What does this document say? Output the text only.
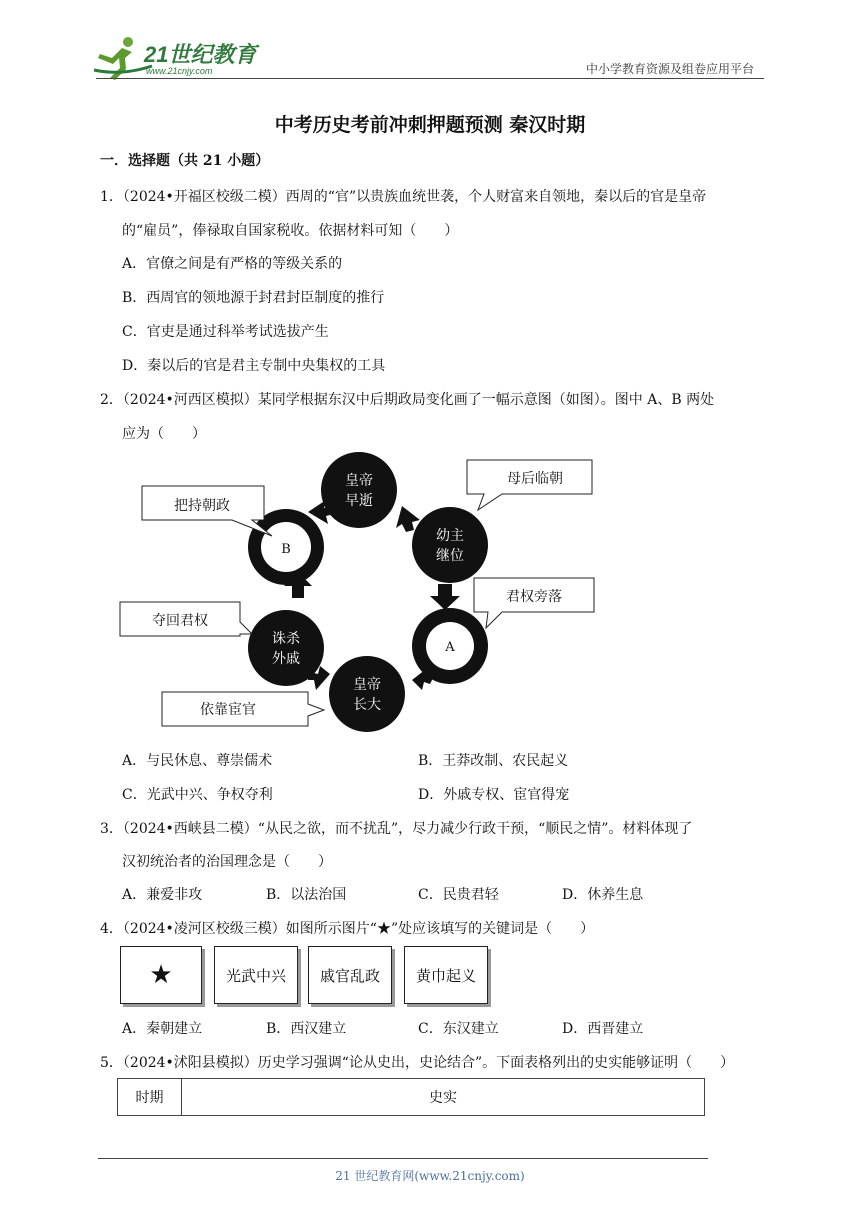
21世纪教育
www.21cnjy.com	中小学教育资源及组卷应用平台
中考历史考前冲刺押题预测 秦汉时期
一．选择题（共 21 小题）
1．（2024•开福区校级二模）西周的“官”以贵族血统世袭，个人财富来自领地，秦以后的官是皇帝
的“雇员”，俸禄取自国家税收。依据材料可知（　　）
A．官僚之间是有严格的等级关系的
B．西周官的领地源于封君封臣制度的推行
C．官吏是通过科举考试选拔产生
D．秦以后的官是君主专制中央集权的工具
2．（2024•河西区模拟）某同学根据东汉中后期政局变化画了一幅示意图（如图）。图中 A、B 两处
应为（　　）
皇帝
早逝
幼主
继位
A
皇帝
长大
诛杀
外戚
B
把持朝政
母后临朝
君权旁落
夺回君权
依靠宦官
A．与民休息、尊崇儒术	B．王莽改制、农民起义
C．光武中兴、争权夺利	D．外戚专权、宦官得宠
3．（2024•西峡县二模）“从民之欲，而不扰乱”，尽力减少行政干预，“顺民之情”。材料体现了
汉初统治者的治国理念是（　　）
A．兼爱非攻	B．以法治国	C．民贵君轻	D．休养生息
4．（2024•凌河区校级三模）如图所示图片“★”处应该填写的关键词是（　　）
★	光武中兴	戚官乱政	黄巾起义
A．秦朝建立	B．西汉建立	C．东汉建立	D．西晋建立
5．（2024•沭阳县模拟）历史学习强调“论从史出，史论结合”。下面表格列出的史实能够证明（　　）
时期	史实
21 世纪教育网(www.21cnjy.com)
